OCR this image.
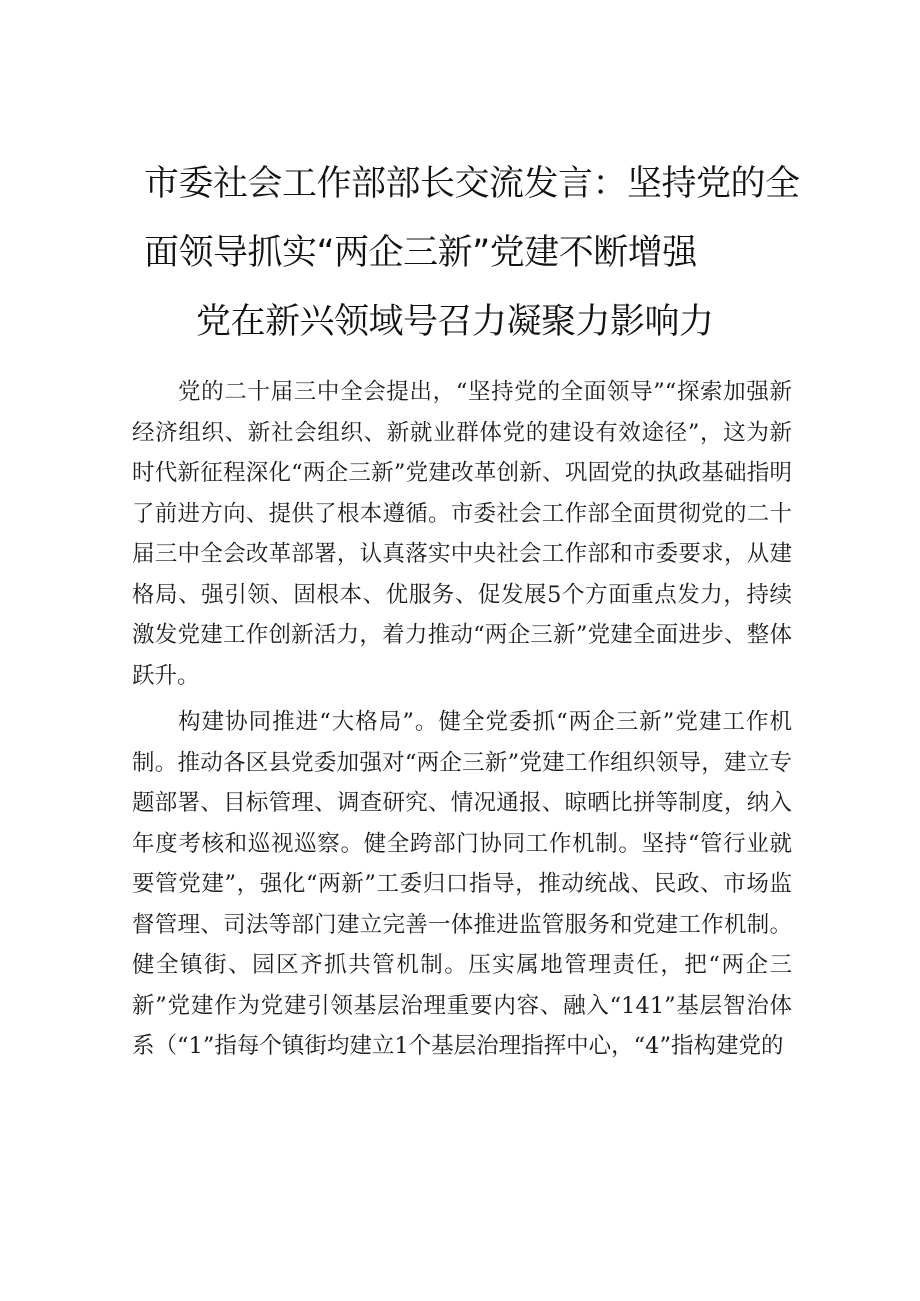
市委社会工作部部长交流发言：坚持党的全
面领导抓实“两企三新”党建不断增强
党在新兴领域号召力凝聚力影响力

党的二十届三中全会提出，“坚持党的全面领导”“探索加强新经济组织、新社会组织、新就业群体党的建设有效途径”，这为新时代新征程深化“两企三新”党建改革创新、巩固党的执政基础指明了前进方向、提供了根本遵循。市委社会工作部全面贯彻党的二十届三中全会改革部署，认真落实中央社会工作部和市委要求，从建格局、强引领、固根本、优服务、促发展5个方面重点发力，持续激发党建工作创新活力，着力推动“两企三新”党建全面进步、整体跃升。

构建协同推进“大格局”。健全党委抓“两企三新”党建工作机制。推动各区县党委加强对“两企三新”党建工作组织领导，建立专题部署、目标管理、调查研究、情况通报、晾晒比拼等制度，纳入年度考核和巡视巡察。健全跨部门协同工作机制。坚持“管行业就要管党建”，强化“两新”工委归口指导，推动统战、民政、市场监督管理、司法等部门建立完善一体推进监管服务和党建工作机制。健全镇街、园区齐抓共管机制。压实属地管理责任，把“两企三新”党建作为党建引领基层治理重要内容、融入“141”基层智治体系（“1”指每个镇街均建立1个基层治理指挥中心，“4”指构建党的
